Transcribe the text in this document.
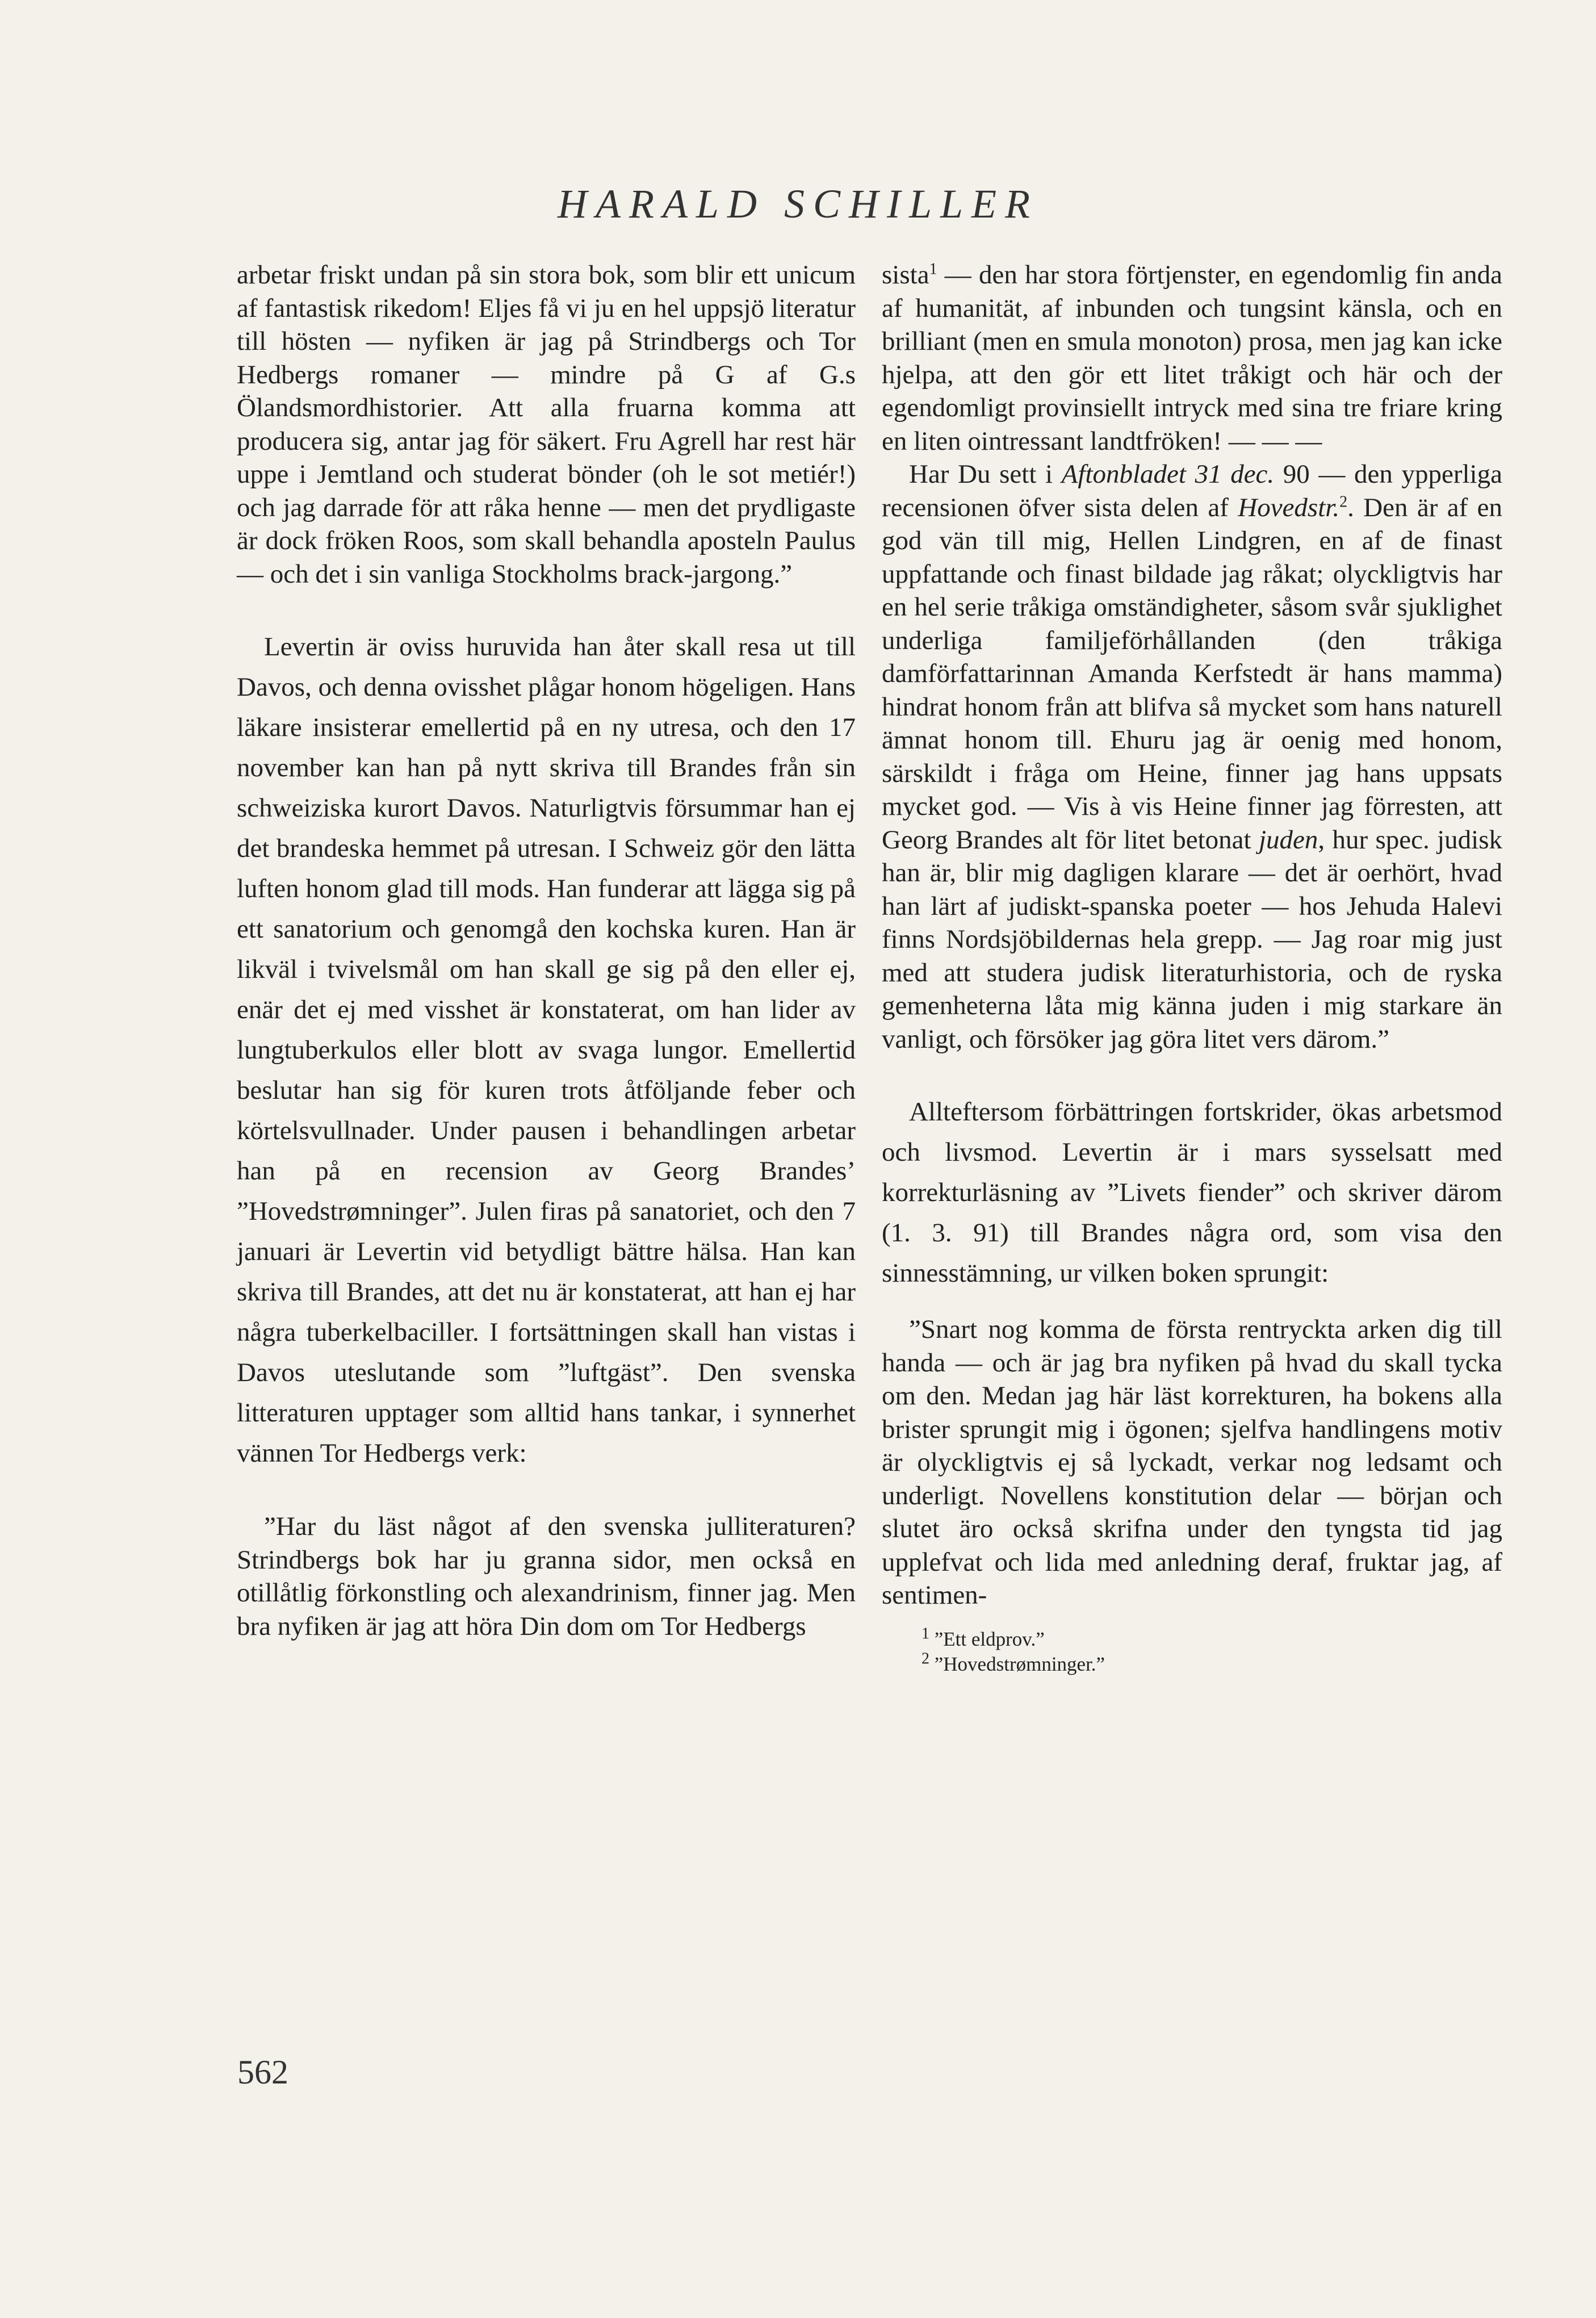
HARALD SCHILLER

arbetar friskt undan på sin stora bok, som blir ett unicum af fantastisk rikedom! Eljes få vi ju en hel uppsjö literatur till hösten — nyfiken är jag på Strindbergs och Tor Hedbergs romaner — mindre på G af G.s Ölandsmordhistorier. Att alla fruarna komma att producera sig, antar jag för säkert. Fru Agrell har rest här uppe i Jemtland och studerat bönder (oh le sot metiér!) och jag darrade för att råka henne — men det prydligaste är dock fröken Roos, som skall behandla aposteln Paulus — och det i sin vanliga Stockholms brack-jargong.”

Levertin är oviss huruvida han åter skall resa ut till Davos, och denna ovisshet plågar honom högeligen. Hans läkare insisterar emellertid på en ny utresa, och den 17 november kan han på nytt skriva till Brandes från sin schweiziska kurort Davos. Naturligtvis försummar han ej det brandeska hemmet på utresan. I Schweiz gör den lätta luften honom glad till mods. Han funderar att lägga sig på ett sanatorium och genomgå den kochska kuren. Han är likväl i tvivelsmål om han skall ge sig på den eller ej, enär det ej med visshet är konstaterat, om han lider av lungtuberkulos eller blott av svaga lungor. Emellertid beslutar han sig för kuren trots åtföljande feber och körtelsvullnader. Under pausen i behandlingen arbetar han på en recension av Georg Brandes’ ”Hovedstrømninger”. Julen firas på sanatoriet, och den 7 januari är Levertin vid betydligt bättre hälsa. Han kan skriva till Brandes, att det nu är konstaterat, att han ej har några tuberkelbaciller. I fortsättningen skall han vistas i Davos uteslutande som ”luftgäst”. Den svenska litteraturen upptager som alltid hans tankar, i synnerhet vännen Tor Hedbergs verk:

”Har du läst något af den svenska julliteraturen? Strindbergs bok har ju granna sidor, men också en otillåtlig förkonstling och alexandrinism, finner jag. Men bra nyfiken är jag att höra Din dom om Tor Hedbergs

sista$^1$ — den har stora förtjenster, en egendomlig fin anda af humanität, af inbunden och tungsint känsla, och en brilliant (men en smula monoton) prosa, men jag kan icke hjelpa, att den gör ett litet tråkigt och här och der egendomligt provinsiellt intryck med sina tre friare kring en liten ointressant landtfröken! — — —

Har Du sett i Aftonbladet 31 dec. 90 — den ypperliga recensionen öfver sista delen af Hovedstr.$^2$. Den är af en god vän till mig, Hellen Lindgren, en af de finast uppfattande och finast bildade jag råkat; olyckligtvis har en hel serie tråkiga omständigheter, såsom svår sjuklighet underliga familjeförhållanden (den tråkiga damförfattarinnan Amanda Kerfstedt är hans mamma) hindrat honom från att blifva så mycket som hans naturell ämnat honom till. Ehuru jag är oenig med honom, särskildt i fråga om Heine, finner jag hans uppsats mycket god. — Vis à vis Heine finner jag förresten, att Georg Brandes alt för litet betonat juden, hur spec. judisk han är, blir mig dagligen klarare — det är oerhört, hvad han lärt af judiskt-spanska poeter — hos Jehuda Halevi finns Nordsjöbildernas hela grepp. — Jag roar mig just med att studera judisk literaturhistoria, och de ryska gemenheterna låta mig känna juden i mig starkare än vanligt, och försöker jag göra litet vers därom.”

Allteftersom förbättringen fortskrider, ökas arbetsmod och livsmod. Levertin är i mars sysselsatt med korrekturläsning av ”Livets fiender” och skriver därom (1. 3. 91) till Brandes några ord, som visa den sinnesstämning, ur vilken boken sprungit:

”Snart nog komma de första rentryckta arken dig till handa — och är jag bra nyfiken på hvad du skall tycka om den. Medan jag här läst korrekturen, ha bokens alla brister sprungit mig i ögonen; sjelfva handlingens motiv är olyckligtvis ej så lyckadt, verkar nog ledsamt och underligt. Novellens konstitution delar — början och slutet äro också skrifna under den tyngsta tid jag upplefvat och lida med anledning deraf, fruktar jag, af sentimen-

$^1$ ”Ett eldprov.”
$^2$ ”Hovedstrømninger.”
562
